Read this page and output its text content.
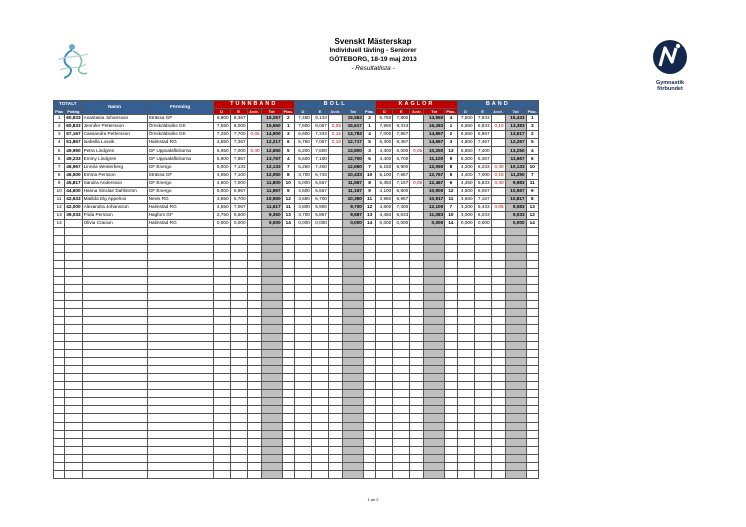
Gymnastik
förbundet
Svenskt Mästerskap
Individuell tävling - Seniorer
GÖTEBORG, 18-19 maj 2013
- Resultatlista -
TOTALT		Namn	Förening	TUNNBAND					BOLL					KÄGLOR					BAND				
Plac	Poäng			D	E	Avdr.	Tot	Plac.	D	E	Avdr.	Tot	Plac.	D	E	Avdr.	Tot	Plac.	D	E	Avdr.	Tot	Plac.
1	60,833	Anastasia Johansson	Strässa GF	6,900	8,367		15,267	2	7,450	8,133		15,583	2	6,750	7,800		14,550	4	7,500	7,933		15,433	1
2	60,833	Jennifer Pettersson	Örnsköldsviks GK	7,550	8,000		15,550	1	7,600	8,067	0,05	15,617	1	7,950	8,333		16,283	1	6,650	6,833	0,10	13,383	3
3	57,167	Cassandra Pettersson	Örnsköldsviks GK	7,250	7,700	0,05	14,900	3	6,600	7,333	0,15	13,783	4	7,000	7,867		14,867	2	6,650	6,967		13,617	2
4	51,867	Isabella Losvik	Halmstad RG	4,850	7,367		12,217	6	5,750	7,067	0,10	12,717	5	6,300	8,367		14,667	3	4,800	7,467		12,267	5
5	49,950	Petra Lindgren	GF Uppsalaflickorna	5,950	7,000	0,30	12,650	5	6,200	7,600		13,800	3	4,300	6,000	0,05	10,250	13	5,850	7,400		13,250	4
6	49,233	Emmy Lindgren	GF Uppsalaflickorna	5,900	7,867		13,767	4	5,600	7,100		12,700	6	4,400	6,700		11,100	9	5,300	6,367		11,667	6
7	46,967	Linnéa Westerberg	GF Energo	5,000	7,133		12,133	7	5,250	7,400		12,650	7	5,150	6,900		12,050	8	4,200	6,233	0,30	10,133	10
8	46,500	Emma Persson	Strässa GF	4,950	7,100		12,050	8	3,700	6,733		10,433	10	5,100	7,667		12,767	5	4,400	7,000	0,15	11,250	7
9	45,817	Sandra Andersson	GF Energo	4,800	7,000		11,800	10	5,000	6,567		11,567	8	5,350	7,167	0,05	12,467	6	4,450	5,833	0,30	9,983	11
10	44,600	Hanna Sinclair Dahlström	GF Energo	5,000	6,967		11,967	9	4,600	6,567		11,167	9	4,100	6,800		10,900	12	4,500	6,067		10,567	9
11	42,633	Matilda Elg Appelros	Nevis RG	3,850	6,700		10,550	12	3,650	6,700		10,350	11	3,950	6,967		10,917	11	3,650	7,167		10,817	8
12	42,000	Alexandra Johansson	Halmstad RG	4,550	7,067		11,617	11	3,800	5,900		9,700	12	4,800	7,300		12,100	7	3,200	5,433	0,05	8,583	13
13	39,033	Frida Persson	Hagfors GF	2,750	6,600		9,350	13	3,700	5,867		9,567	13	4,450	6,633		11,083	10	3,000	6,033		9,033	12
14		Olivia Craciun	Halmstad RG	0,000	0,000		0,000	14	0,000	0,000		0,000	14	0,000	0,000		0,000	14	0,000	0,000		0,000	14

1 av 2
